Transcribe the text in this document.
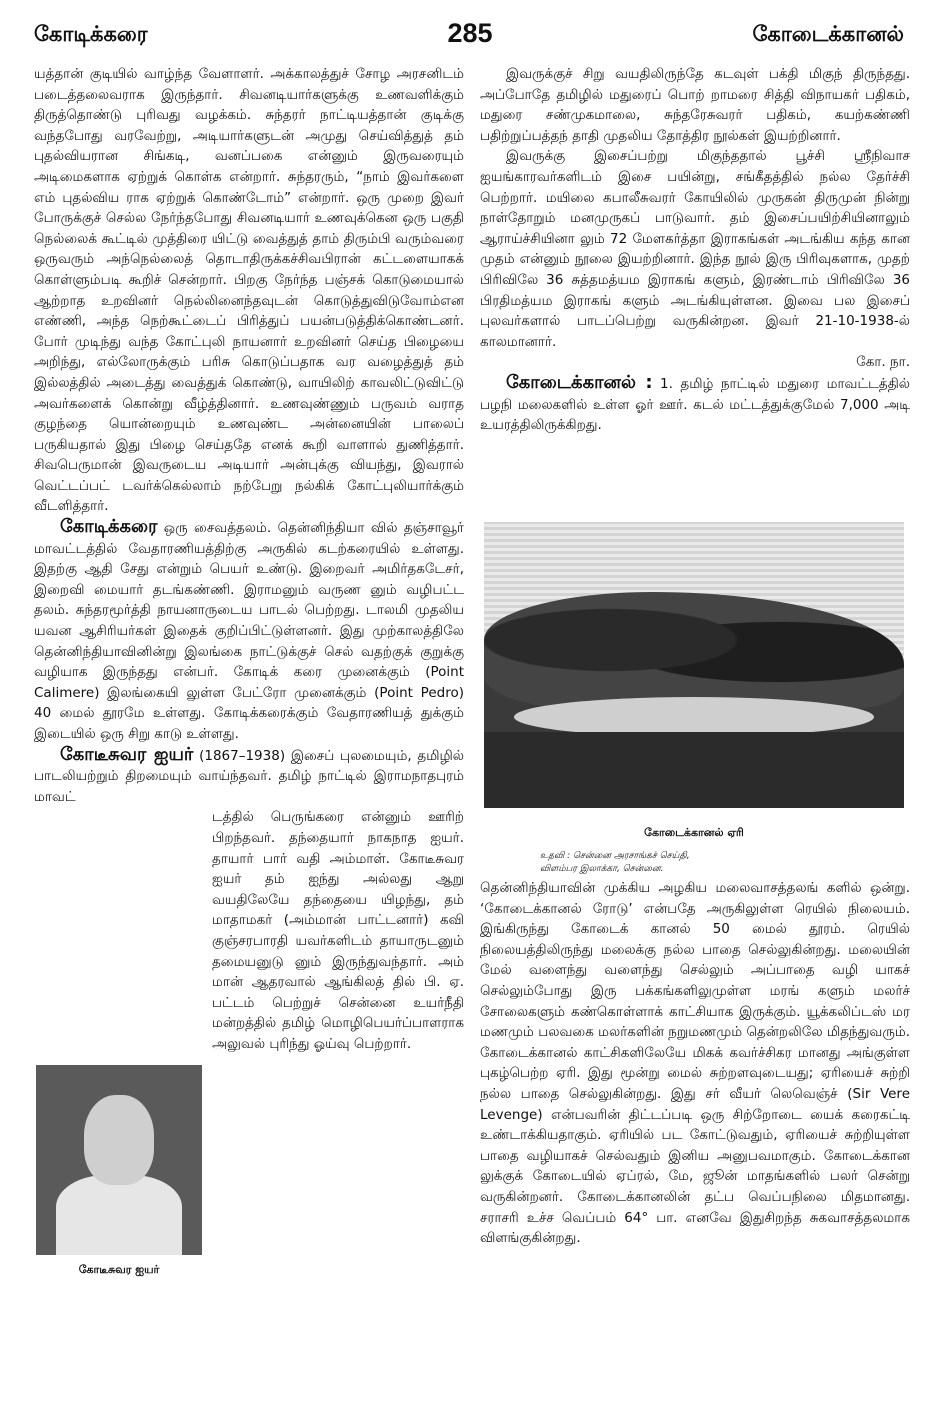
கோடிக்கரை	285	கோடைக்கானல்

யத்தான் குடியில் வாழ்ந்த வேளாளர். அக்காலத்துச் சோழ அரசனிடம் படைத்தலைவராக இருந்தார். சிவனடியார்களுக்கு உணவளிக்கும் திருத்தொண்டு புரிவது வழக்கம். சுந்தரர் நாட்டியத்தான் குடிக்கு வந்தபோது வரவேற்று, அடியார்களுடன் அமுது செய்வித்துத் தம் புதல்வியரான சிங்கடி, வனப்பகை என்னும் இருவரையும் அடிமைகளாக ஏற்றுக் கொள்க என்றார். சுந்தரரும், “நாம் இவர்களை எம் புதல்விய ராக ஏற்றுக் கொண்டோம்” என்றார். ஒரு முறை இவர் போருக்குச் செல்ல நேர்ந்தபோது சிவனடியார் உணவுக்கென ஒரு பகுதி நெல்லைக் கூட்டில் முத்திரை யிட்டு வைத்துத் தாம் திரும்பி வரும்வரை ஒருவரும் அந்நெல்லைத் தொடாதிருக்கச்சிவபிரான் கட்டளையாகக் கொள்ளும்படி கூறிச் சென்றார். பிறகு நேர்ந்த பஞ்சக் கொடுமையால் ஆற்றாத உறவினர் நெல்லினைந்தவுடன் கொடுத்துவிடுவோம்என எண்ணி, அந்த நெற்கூட்டைப் பிரித்துப் பயன்படுத்திக்கொண்டனர். போர் முடிந்து வந்த கோட்புலி நாயனார் உறவினர் செய்த பிழையை அறிந்து, எல்லோருக்கும் பரிசு கொடுப்பதாக வர வழைத்துத் தம் இல்லத்தில் அடைத்து வைத்துக் கொண்டு, வாயிலிற் காவலிட்டுவிட்டு அவர்களைக் கொன்று வீழ்த்தினார். உணவுண்ணும் பருவம் வராத குழந்தை யொன்றையும் உணவுண்ட அன்னையின் பாலைப் பருகியதால் இது பிழை செய்ததே எனக் கூறி வாளால் துணித்தார். சிவபெருமான் இவருடைய அடியார் அன்புக்கு வியந்து, இவரால் வெட்டப்பட் டவர்க்கெல்லாம் நற்பேறு நல்கிக் கோட்புலியார்க்கும் வீடளித்தார்.

கோடிக்கரை ஒரு சைவத்தலம். தென்னிந்தியா வில் தஞ்சாவூர் மாவட்டத்தில் வேதாரணியத்திற்கு அருகில் கடற்கரையில் உள்ளது. இதற்கு ஆதி சேது என்றும் பெயர் உண்டு. இறைவர் அமிர்தகடேசர், இறைவி மையார் தடங்கண்ணி. இராமனும் வருண னும் வழிபட்ட தலம். சுந்தரமூர்த்தி நாயனாருடைய பாடல் பெற்றது. டாலமி முதலிய யவன ஆசிரியர்கள் இதைக் குறிப்பிட்டுள்ளனர். இது முற்காலத்திலே தென்னிந்தியாவினின்று இலங்கை நாட்டுக்குச் செல் வதற்குக் குறுக்கு வழியாக இருந்தது என்பர். கோடிக் கரை முனைக்கும் (Point Calimere) இலங்கையி லுள்ள பேட்ரோ முனைக்கும் (Point Pedro) 40 மைல் தூரமே உள்ளது. கோடிக்கரைக்கும் வேதாரணியத் துக்கும் இடையில் ஒரு சிறு காடு உள்ளது.

கோடீசுவர ஐயர் (1867–1938) இசைப் புலமையும், தமிழில் பாடலியற்றும் திறமையும் வாய்ந்தவர். தமிழ் நாட்டில் இராமநாதபுரம் மாவட்

டத்தில் பெருங்கரை என்னும் ஊரிற் பிறந்தவர். தந்தையார் நாகநாத ஐயர். தாயார் பார் வதி அம்மாள். கோடீசுவர ஐயர் தம் ஐந்து அல்லது ஆறு வயதிலேயே தந்தையை யிழந்து, தம் மாதாமகர் (அம்மான் பாட்டனார்) கவி குஞ்சரபாரதி யவர்களிடம் தாயாருடனும் தமையனுடு னும் இருந்துவந்தார். அம் மான் ஆதரவால் ஆங்கிலத் தில் பி. ஏ. பட்டம் பெற்றுச் சென்னை உயர்நீதி மன்றத்தில் தமிழ் மொழிபெயர்ப்பாளராக அலுவல் புரிந்து ஓய்வு பெற்றார்.

கோடீசுவர ஐயர்

இவருக்குச் சிறு வயதிலிருந்தே கடவுள் பக்தி மிகுந் திருந்தது. அப்போதே தமிழில் மதுரைப் பொற் றாமரை சித்தி விநாயகர் பதிகம், மதுரை சண்முகமாலை, சுந்தரேசுவரர் பதிகம், கயற்கண்ணி பதிற்றுப்பத்தந் தாதி முதலிய தோத்திர நூல்கள் இயற்றினார்.

இவருக்கு இசைப்பற்று மிகுந்ததால் பூச்சி ஸ்ரீநிவாச ஐயங்காரவர்களிடம் இசை பயின்று, சங்கீதத்தில் நல்ல தேர்ச்சி பெற்றார். மயிலை கபாலீசுவரர் கோயிலில் முருகன் திருமுன் நின்று நாள்தோறும் மனமுருகப் பாடுவார். தம் இசைப்பயிற்சியினாலும் ஆராய்ச்சியினா லும் 72 மேளகர்த்தா இராகங்கள் அடங்கிய கந்த கான முதம் என்னும் நூலை இயற்றினார். இந்த நூல் இரு பிரிவுகளாக, முதற் பிரிவிலே 36 சுத்தமத்யம இராகங் களும், இரண்டாம் பிரிவிலே 36 பிரதிமத்யம இராகங் களும் அடங்கியுள்ளன. இவை பல இசைப் புலவர்களால் பாடப்பெற்று வருகின்றன. இவர் 21-10-1938-ல் காலமானார்.

கோ. நா.

கோடைக்கானல் : 1. தமிழ் நாட்டில் மதுரை மாவட்டத்தில் பழநி மலைகளில் உள்ள ஓர் ஊர். கடல் மட்டத்துக்குமேல் 7,000 அடி உயரத்திலிருக்கிறது.

கோடைக்கானல் ஏரி
உதவி : சென்னை அரசாங்கச் செய்தி,
விளம்பர இலாக்கா, சென்னை.

தென்னிந்தியாவின் முக்கிய அழகிய மலைவாசத்தலங் களில் ஒன்று. ‘கோடைக்கானல் ரோடு’ என்பதே அருகிலுள்ள ரெயில் நிலையம். இங்கிருந்து கோடைக் கானல் 50 மைல் தூரம். ரெயில் நிலையத்திலிருந்து மலைக்கு நல்ல பாதை செல்லுகின்றது. மலையின் மேல் வளைந்து வளைந்து செல்லும் அப்பாதை வழி யாகச் செல்லும்போது இரு பக்கங்களிலுமுள்ள மரங் களும் மலர்ச் சோலைகளும் கண்கொள்ளாக் காட்சியாக இருக்கும். யூக்கலிப்டஸ் மர மணமும் பலவகை மலர்களின் நறுமணமும் தென்றலிலே மிதந்துவரும். கோடைக்கானல் காட்சிகளிலேயே மிகக் கவர்ச்சிகர மானது அங்குள்ள புகழ்பெற்ற ஏரி. இது மூன்று மைல் சுற்றளவுடையது; ஏரியைச் சுற்றி நல்ல பாதை செல்லுகின்றது. இது சர் வீயர் லெவெஞ்ச் (Sir Vere Levenge) என்பவரின் திட்டப்படி ஒரு சிற்றோடை யைக் கரைகட்டி உண்டாக்கியதாகும். ஏரியில் பட கோட்டுவதும், ஏரியைச் சுற்றியுள்ள பாதை வழியாகச் செல்வதும் இனிய அனுபவமாகும். கோடைக்கான லுக்குக் கோடையில் ஏப்ரல், மே, ஜூன் மாதங்களில் பலர் சென்று வருகின்றனர். கோடைக்கானலின் தட்ப வெப்பநிலை மிதமானது. சராசரி உச்ச வெப்பம் 64° பா. எனவே இதுசிறந்த சுகவாசத்தலமாக விளங்குகின்றது.
